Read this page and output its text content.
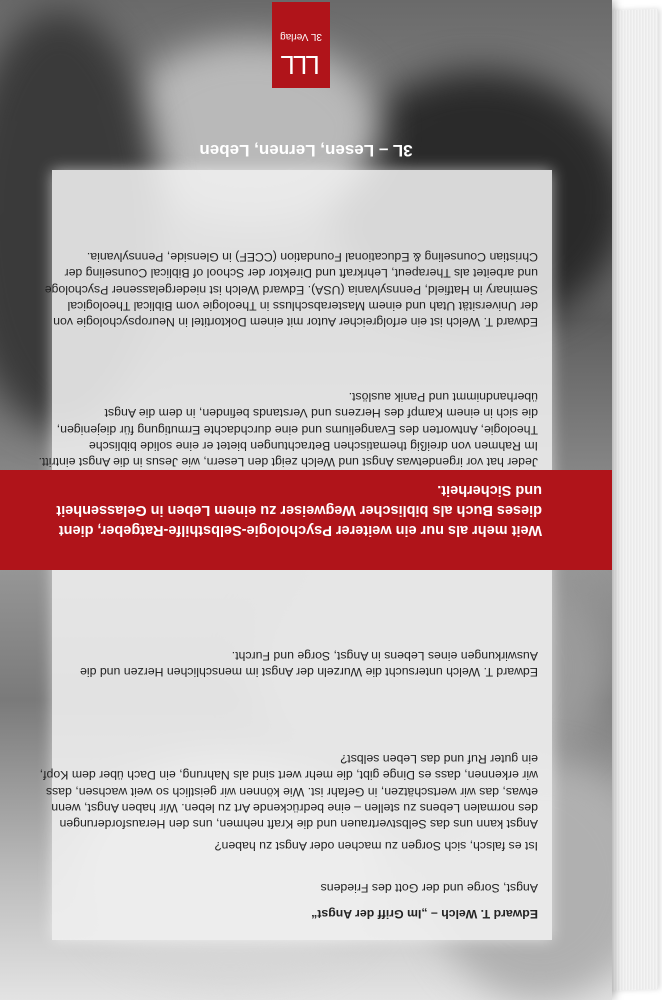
3L – Lesen, Lernen, Leben
LLL
3L Verlag
Edward T. Welch – „Im Griff der Angst“
Angst, Sorge und der Gott des Friedens
Ist es falsch, sich Sorgen zu machen oder Angst zu haben?
Angst kann uns das Selbstvertrauen und die Kraft nehmen, uns den Herausforderungen des normalen Lebens zu stellen – eine bedrückende Art zu leben. Wir haben Angst, wenn etwas, das wir wertschätzen, in Gefahr ist. Wie können wir geistlich so weit wachsen, dass wir erkennen, dass es Dinge gibt, die mehr wert sind als Nahrung, ein Dach über dem Kopf, ein guter Ruf und das Leben selbst?
Edward T. Welch untersucht die Wurzeln der Angst im menschlichen Herzen und die Auswirkungen eines Lebens in Angst, Sorge und Furcht.
Jeder hat vor irgendetwas Angst und Welch zeigt den Lesern, wie Jesus in die Angst eintritt. Im Rahmen von dreißig thematischen Betrachtungen bietet er eine solide biblische Theologie, Antworten des Evangeliums und eine durchdachte Ermutigung für diejenigen, die sich in einem Kampf des Herzens und Verstands befinden, in dem die Angst überhandnimmt und Panik auslöst.
Edward T. Welch ist ein erfolgreicher Autor mit einem Doktortitel in Neuropsychologie von der Universität Utah und einem Masterabschluss in Theologie vom Biblical Theological Seminary in Hatfield, Pennsylvania (USA). Edward Welch ist niedergelassener Psychologe und arbeitet als Therapeut, Lehrkraft und Direktor der School of Biblical Counseling der Christian Counseling & Educational Foundation (CCEF) in Glenside, Pennsylvania.
Weit mehr als nur ein weiterer Psychologie-Selbsthilfe-Ratgeber, dient dieses Buch als biblischer Wegweiser zu einem Leben in Gelassenheit und Sicherheit.
